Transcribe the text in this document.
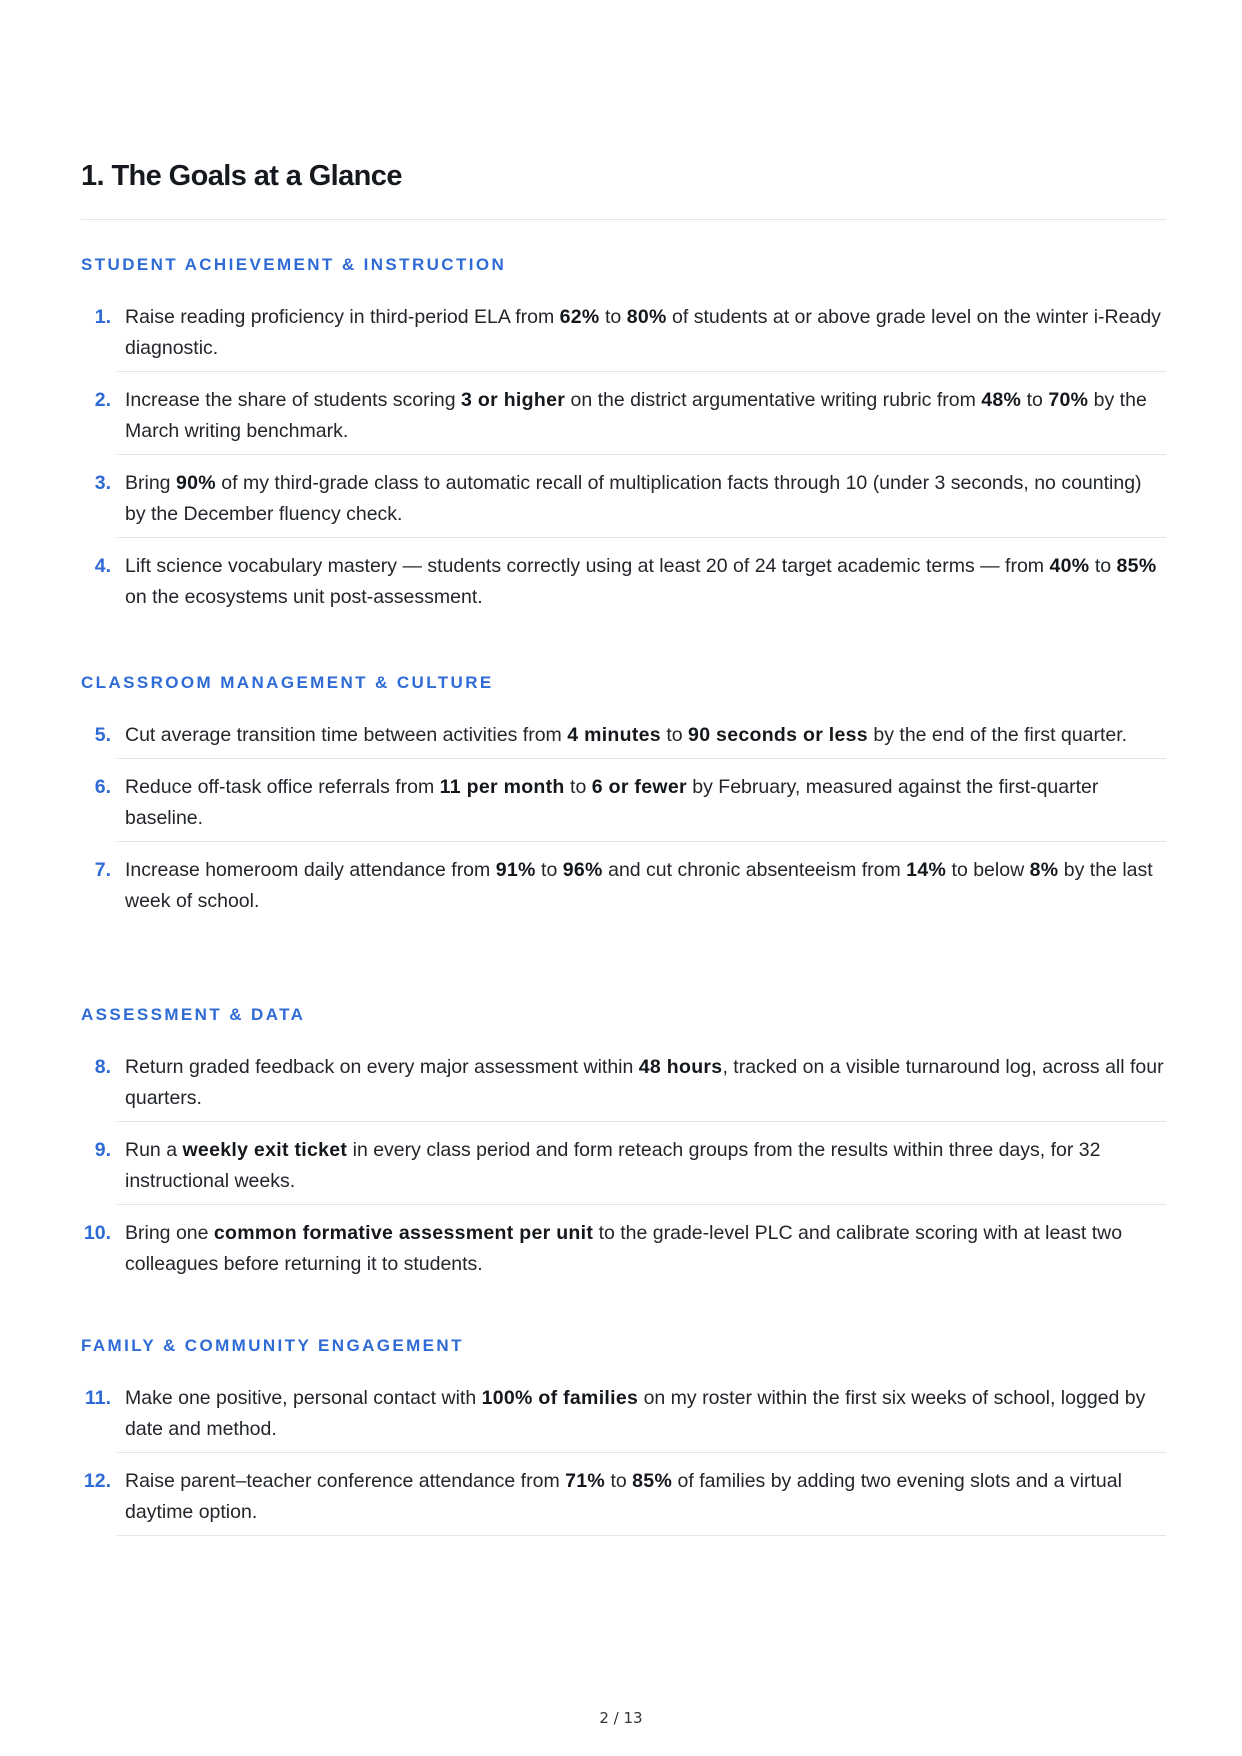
1. The Goals at a Glance
STUDENT ACHIEVEMENT & INSTRUCTION
1. Raise reading proficiency in third-period ELA from 62% to 80% of students at or above grade level on the winter i-Ready diagnostic.
2. Increase the share of students scoring 3 or higher on the district argumentative writing rubric from 48% to 70% by the March writing benchmark.
3. Bring 90% of my third-grade class to automatic recall of multiplication facts through 10 (under 3 seconds, no counting) by the December fluency check.
4. Lift science vocabulary mastery — students correctly using at least 20 of 24 target academic terms — from 40% to 85% on the ecosystems unit post-assessment.
CLASSROOM MANAGEMENT & CULTURE
5. Cut average transition time between activities from 4 minutes to 90 seconds or less by the end of the first quarter.
6. Reduce off-task office referrals from 11 per month to 6 or fewer by February, measured against the first-quarter baseline.
7. Increase homeroom daily attendance from 91% to 96% and cut chronic absenteeism from 14% to below 8% by the last week of school.
ASSESSMENT & DATA
8. Return graded feedback on every major assessment within 48 hours, tracked on a visible turnaround log, across all four quarters.
9. Run a weekly exit ticket in every class period and form reteach groups from the results within three days, for 32 instructional weeks.
10. Bring one common formative assessment per unit to the grade-level PLC and calibrate scoring with at least two colleagues before returning it to students.
FAMILY & COMMUNITY ENGAGEMENT
11. Make one positive, personal contact with 100% of families on my roster within the first six weeks of school, logged by date and method.
12. Raise parent–teacher conference attendance from 71% to 85% of families by adding two evening slots and a virtual daytime option.
2 / 13
